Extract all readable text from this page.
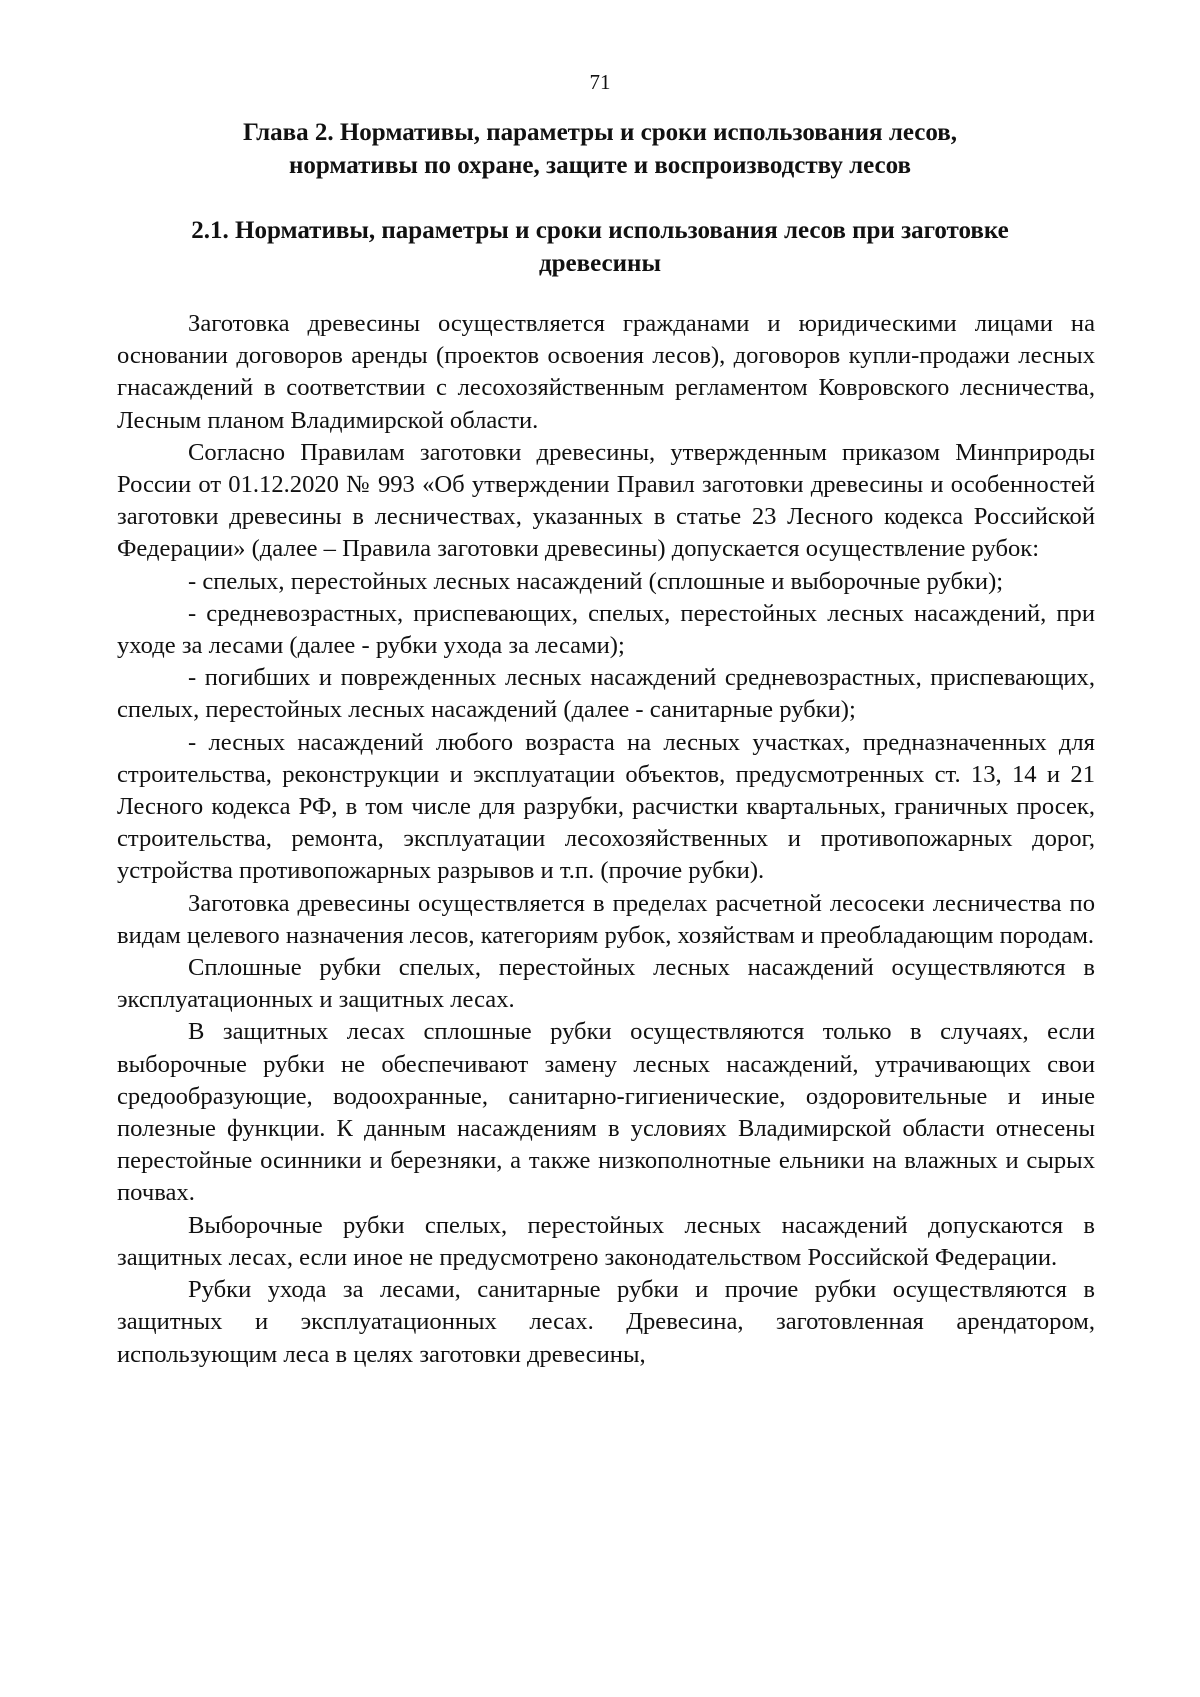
71
Глава 2. Нормативы, параметры и сроки использования лесов,
нормативы по охране, защите и воспроизводству лесов
2.1. Нормативы, параметры и сроки использования лесов при заготовке
древесины

Заготовка древесины осуществляется гражданами и юридическими лицами на основании договоров аренды (проектов освоения лесов), договоров купли-продажи лесных гнасаждений в соответствии с лесохозяйственным регламентом Ковровского лесничества, Лесным планом Владимирской области.

Согласно Правилам заготовки древесины, утвержденным приказом Минприроды России от 01.12.2020 № 993 «Об утверждении Правил заготовки древесины и особенностей заготовки древесины в лесничествах, указанных в статье 23 Лесного кодекса Российской Федерации» (далее – Правила заготовки древесины) допускается осуществление рубок:

- спелых, перестойных лесных насаждений (сплошные и выборочные рубки);

- средневозрастных, приспевающих, спелых, перестойных лесных насаждений, при уходе за лесами (далее - рубки ухода за лесами);

- погибших и поврежденных лесных насаждений средневозрастных, приспевающих, спелых, перестойных лесных насаждений (далее - санитарные рубки);

- лесных насаждений любого возраста на лесных участках, предназначенных для строительства, реконструкции и эксплуатации объектов, предусмотренных ст. 13, 14 и 21 Лесного кодекса РФ, в том числе для разрубки, расчистки квартальных, граничных просек, строительства, ремонта, эксплуатации лесохозяйственных и противопожарных дорог, устройства противопожарных разрывов и т.п. (прочие рубки).

Заготовка древесины осуществляется в пределах расчетной лесосеки лесничества по видам целевого назначения лесов, категориям рубок, хозяйствам и преобладающим породам.

Сплошные рубки спелых, перестойных лесных насаждений осуществляются в эксплуатационных и защитных лесах.

В защитных лесах сплошные рубки осуществляются только в случаях, если выборочные рубки не обеспечивают замену лесных насаждений, утрачивающих свои средообразующие, водоохранные, санитарно-гигиенические, оздоровительные и иные полезные функции. К данным насаждениям в условиях Владимирской области отнесены перестойные осинники и березняки, а также низкополнотные ельники на влажных и сырых почвах.

Выборочные рубки спелых, перестойных лесных насаждений допускаются в защитных лесах, если иное не предусмотрено законодательством Российской Федерации.

Рубки ухода за лесами, санитарные рубки и прочие рубки осуществляются в защитных и эксплуатационных лесах. Древесина, заготовленная арендатором, использующим леса в целях заготовки древесины,
